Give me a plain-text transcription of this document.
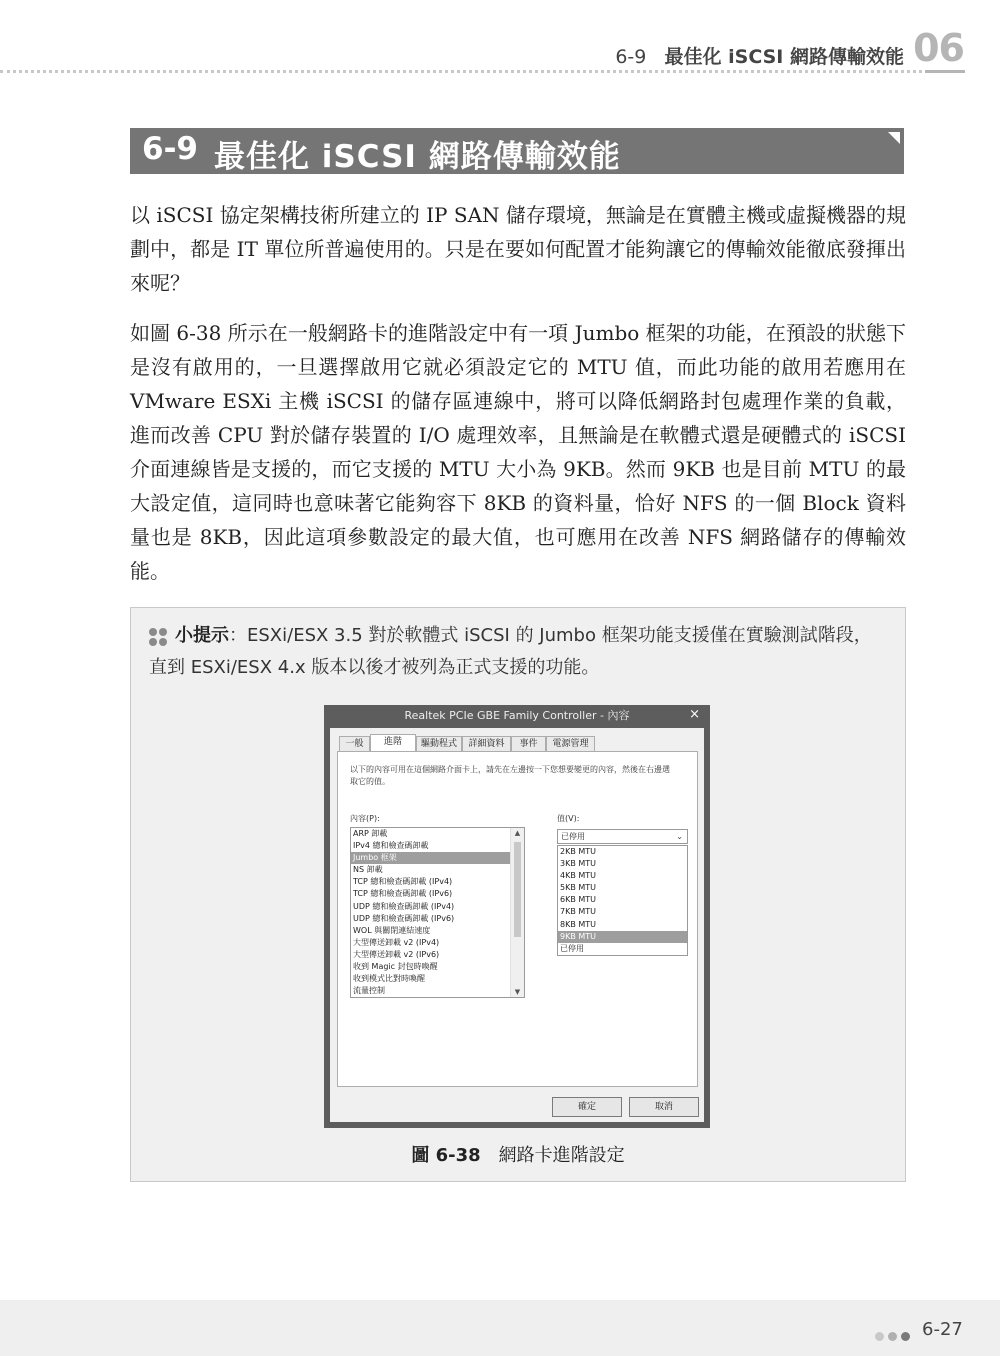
6-9 最佳化 iSCSI 網路傳輸效能 06
6-9 最佳化 iSCSI 網路傳輸效能

以 iSCSI 協定架構技術所建立的 IP SAN 儲存環境，無論是在實體主機或虛擬機器的規劃中，都是 IT 單位所普遍使用的。只是在要如何配置才能夠讓它的傳輸效能徹底發揮出來呢？

如圖 6-38 所示在一般網路卡的進階設定中有一項 Jumbo 框架的功能，在預設的狀態下是沒有啟用的，一旦選擇啟用它就必須設定它的 MTU 值，而此功能的啟用若應用在 VMware ESXi 主機 iSCSI 的儲存區連線中，將可以降低網路封包處理作業的負載，進而改善 CPU 對於儲存裝置的 I/O 處理效率，且無論是在軟體式還是硬體式的 iSCSI 介面連線皆是支援的，而它支援的 MTU 大小為 9KB。然而 9KB 也是目前 MTU 的最大設定值，這同時也意味著它能夠容下 8KB 的資料量，恰好 NFS 的一個 Block 資料量也是 8KB，因此這項參數設定的最大值，也可應用在改善 NFS 網路儲存的傳輸效能。

小提示：ESXi/ESX 3.5 對於軟體式 iSCSI 的 Jumbo 框架功能支援僅在實驗測試階段，直到 ESXi/ESX 4.x 版本以後才被列為正式支援的功能。
Realtek PCIe GBE Family Controller - 內容	×
一般	進階	驅動程式	詳細資料	事件	電源管理
以下的內容可用在這個網路介面卡上，請先在左邊按一下您想要變更的內容，然後在右邊選取它的值。
內容(P):	值(V):
ARP 卸載
IPv4 總和檢查碼卸載
Jumbo 框架
NS 卸載
TCP 總和檢查碼卸載 (IPv4)
TCP 總和檢查碼卸載 (IPv6)
UDP 總和檢查碼卸載 (IPv4)
UDP 總和檢查碼卸載 (IPv6)
WOL 與關閉連結速度
大型傳送卸載 v2 (IPv4)
大型傳送卸載 v2 (IPv6)
收到 Magic 封包時喚醒
收到模式比對時喚醒
流量控制
▲
▼
已停用	⌄
2KB MTU
3KB MTU
4KB MTU
5KB MTU
6KB MTU
7KB MTU
8KB MTU
9KB MTU
已停用
確定	取消
圖 6-38 網路卡進階設定
6-27
